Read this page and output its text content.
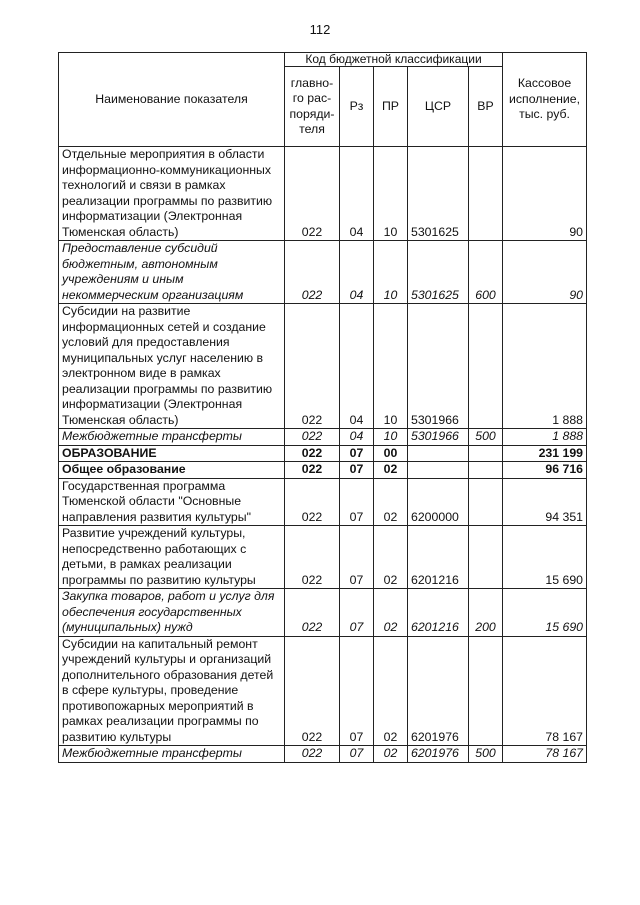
112
Наименование показателя	Код бюджетной классификации					Кассовое исполнение, тыс. руб.
	главно-го рас-поряди-теля	Рз	ПР	ЦСР	ВР	
Отдельные мероприятия в области информационно-коммуникационных технологий и связи в рамках реализации программы по развитию информатизации (Электронная Тюменская область)	022	04	10	5301625		90
Предоставление субсидий бюджетным, автономным учреждениям и иным некоммерческим организациям	022	04	10	5301625	600	90
Субсидии на развитие информационных сетей и создание условий для предоставления муниципальных услуг населению в электронном виде в рамках реализации программы по развитию информатизации (Электронная Тюменская область)	022	04	10	5301966		1 888
Межбюджетные трансферты	022	04	10	5301966	500	1 888
ОБРАЗОВАНИЕ	022	07	00			231 199
Общее образование	022	07	02			96 716
Государственная программа Тюменской области "Основные направления развития культуры"	022	07	02	6200000		94 351
Развитие учреждений культуры, непосредственно работающих с детьми, в рамках реализации программы по развитию культуры	022	07	02	6201216		15 690
Закупка товаров, работ и услуг для обеспечения государственных (муниципальных) нужд	022	07	02	6201216	200	15 690
Субсидии на капитальный ремонт учреждений культуры и организаций дополнительного образования детей в сфере культуры, проведение противопожарных мероприятий в рамках реализации программы по развитию культуры	022	07	02	6201976		78 167
Межбюджетные трансферты	022	07	02	6201976	500	78 167
